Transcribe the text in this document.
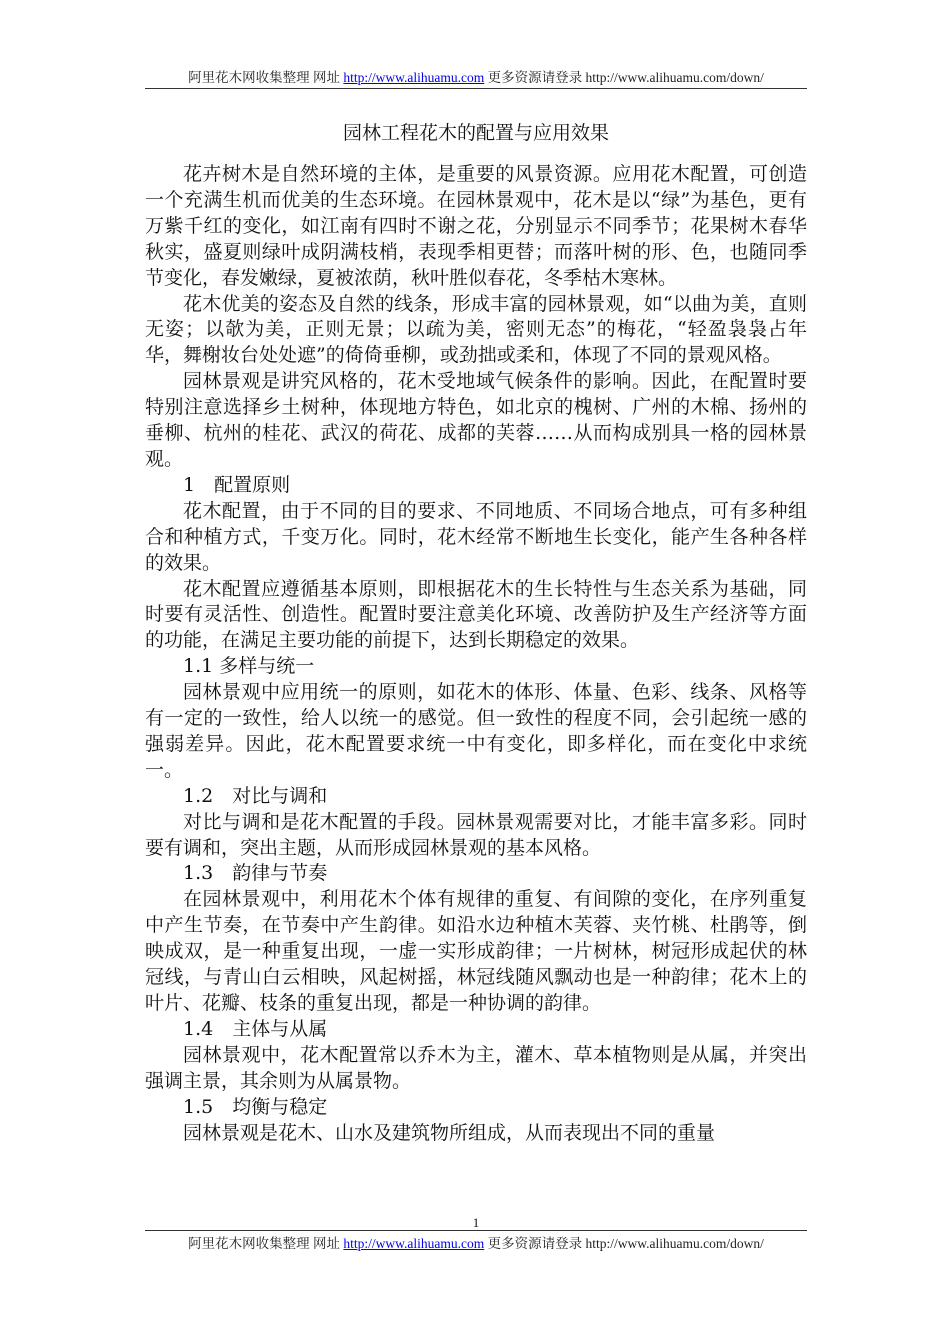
阿里花木网收集整理 网址 http://www.alihuamu.com 更多资源请登录 http://www.alihuamu.com/down/
园林工程花木的配置与应用效果

花卉树木是自然环境的主体，是重要的风景资源。应用花木配置，可创造一个充满生机而优美的生态环境。在园林景观中，花木是以“绿”为基色，更有万紫千红的变化，如江南有四时不谢之花，分别显示不同季节；花果树木春华秋实，盛夏则绿叶成阴满枝梢，表现季相更替；而落叶树的形、色，也随同季节变化，春发嫩绿，夏被浓荫，秋叶胜似春花，冬季枯木寒林。

花木优美的姿态及自然的线条，形成丰富的园林景观，如“以曲为美，直则无姿；以欹为美，正则无景；以疏为美，密则无态”的梅花，“轻盈袅袅占年华，舞榭妆台处处遮”的倚倚垂柳，或劲拙或柔和，体现了不同的景观风格。

园林景观是讲究风格的，花木受地域气候条件的影响。因此，在配置时要特别注意选择乡土树种，体现地方特色，如北京的槐树、广州的木棉、扬州的垂柳、杭州的桂花、武汉的荷花、成都的芙蓉……从而构成别具一格的园林景观。

1　配置原则

花木配置，由于不同的目的要求、不同地质、不同场合地点，可有多种组合和种植方式，千变万化。同时，花木经常不断地生长变化，能产生各种各样的效果。

花木配置应遵循基本原则，即根据花木的生长特性与生态关系为基础，同时要有灵活性、创造性。配置时要注意美化环境、改善防护及生产经济等方面的功能，在满足主要功能的前提下，达到长期稳定的效果。

1.1 多样与统一

园林景观中应用统一的原则，如花木的体形、体量、色彩、线条、风格等有一定的一致性，给人以统一的感觉。但一致性的程度不同，会引起统一感的强弱差异。因此，花木配置要求统一中有变化，即多样化，而在变化中求统一。

1.2　对比与调和

对比与调和是花木配置的手段。园林景观需要对比，才能丰富多彩。同时要有调和，突出主题，从而形成园林景观的基本风格。

1.3　韵律与节奏

在园林景观中，利用花木个体有规律的重复、有间隙的变化，在序列重复中产生节奏，在节奏中产生韵律。如沿水边种植木芙蓉、夹竹桃、杜鹃等，倒映成双，是一种重复出现，一虚一实形成韵律；一片树林，树冠形成起伏的林冠线，与青山白云相映，风起树摇，林冠线随风飘动也是一种韵律；花木上的叶片、花瓣、枝条的重复出现，都是一种协调的韵律。

1.4　主体与从属

园林景观中，花木配置常以乔木为主，灌木、草本植物则是从属，并突出强调主景，其余则为从属景物。

1.5　均衡与稳定

园林景观是花木、山水及建筑物所组成，从而表现出不同的重量

1
阿里花木网收集整理 网址 http://www.alihuamu.com 更多资源请登录 http://www.alihuamu.com/down/
